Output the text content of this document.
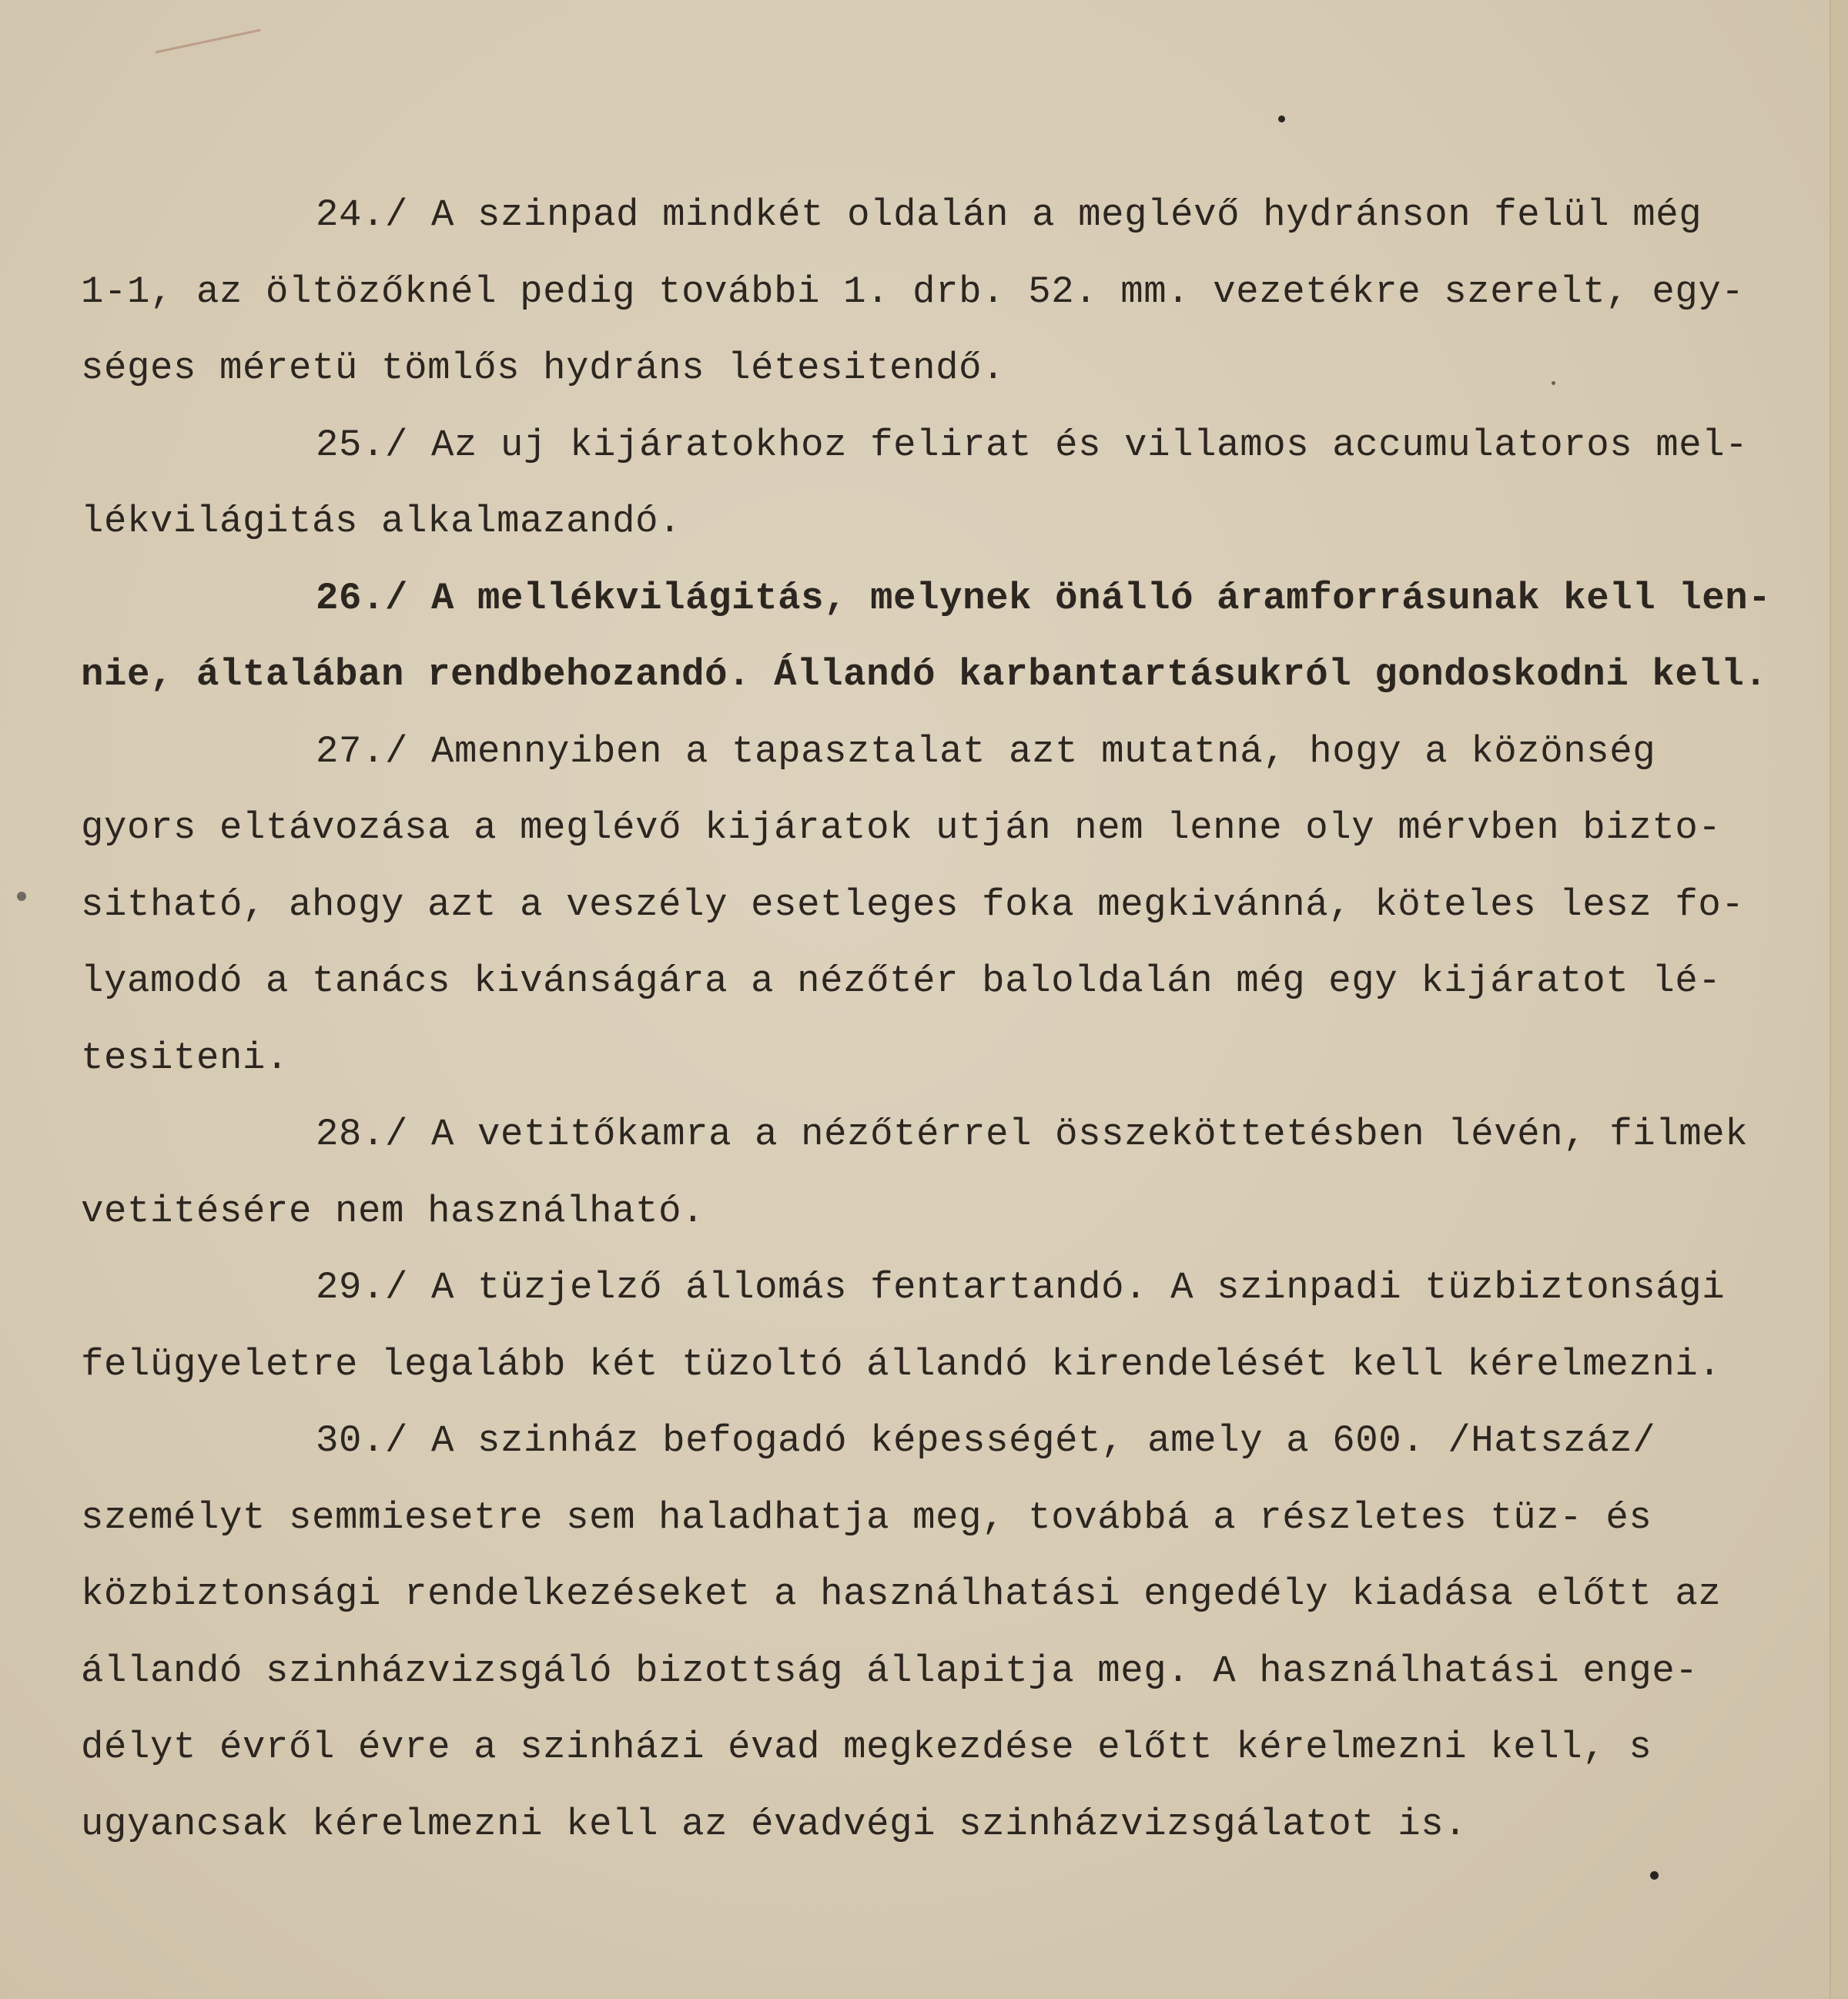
24./ A szinpad mindkét oldalán a meglévő hydránson felül még
1-1, az öltözőknél pedig további 1. drb. 52. mm. vezetékre szerelt, egy-
séges méretü tömlős hydráns létesitendő.

25./ Az uj kijáratokhoz felirat és villamos accumulatoros mel-
lékvilágitás alkalmazandó.

26./ A mellékvilágitás, melynek önálló áramforrásunak kell len-
nie, általában rendbehozandó. Állandó karbantartásukról gondoskodni kell.

27./ Amennyiben a tapasztalat azt mutatná, hogy a közönség
gyors eltávozása a meglévő kijáratok utján nem lenne oly mérvben bizto-
sitható, ahogy azt a veszély esetleges foka megkivánná, köteles lesz fo-
lyamodó a tanács kivánságára a nézőtér baloldalán még egy kijáratot lé-
tesiteni.

28./ A vetitőkamra a nézőtérrel összeköttetésben lévén, filmek
vetitésére nem használható.

29./ A tüzjelző állomás fentartandó. A szinpadi tüzbiztonsági
felügyeletre legalább két tüzoltó állandó kirendelését kell kérelmezni.

30./ A szinház befogadó képességét, amely a 600. /Hatszáz/
személyt semmiesetre sem haladhatja meg, továbbá a részletes tüz- és
közbiztonsági rendelkezéseket a használhatási engedély kiadása előtt az
állandó szinházvizsgáló bizottság állapitja meg. A használhatási enge-
délyt évről évre a szinházi évad megkezdése előtt kérelmezni kell, s
ugyancsak kérelmezni kell az évadvégi szinházvizsgálatot is.
